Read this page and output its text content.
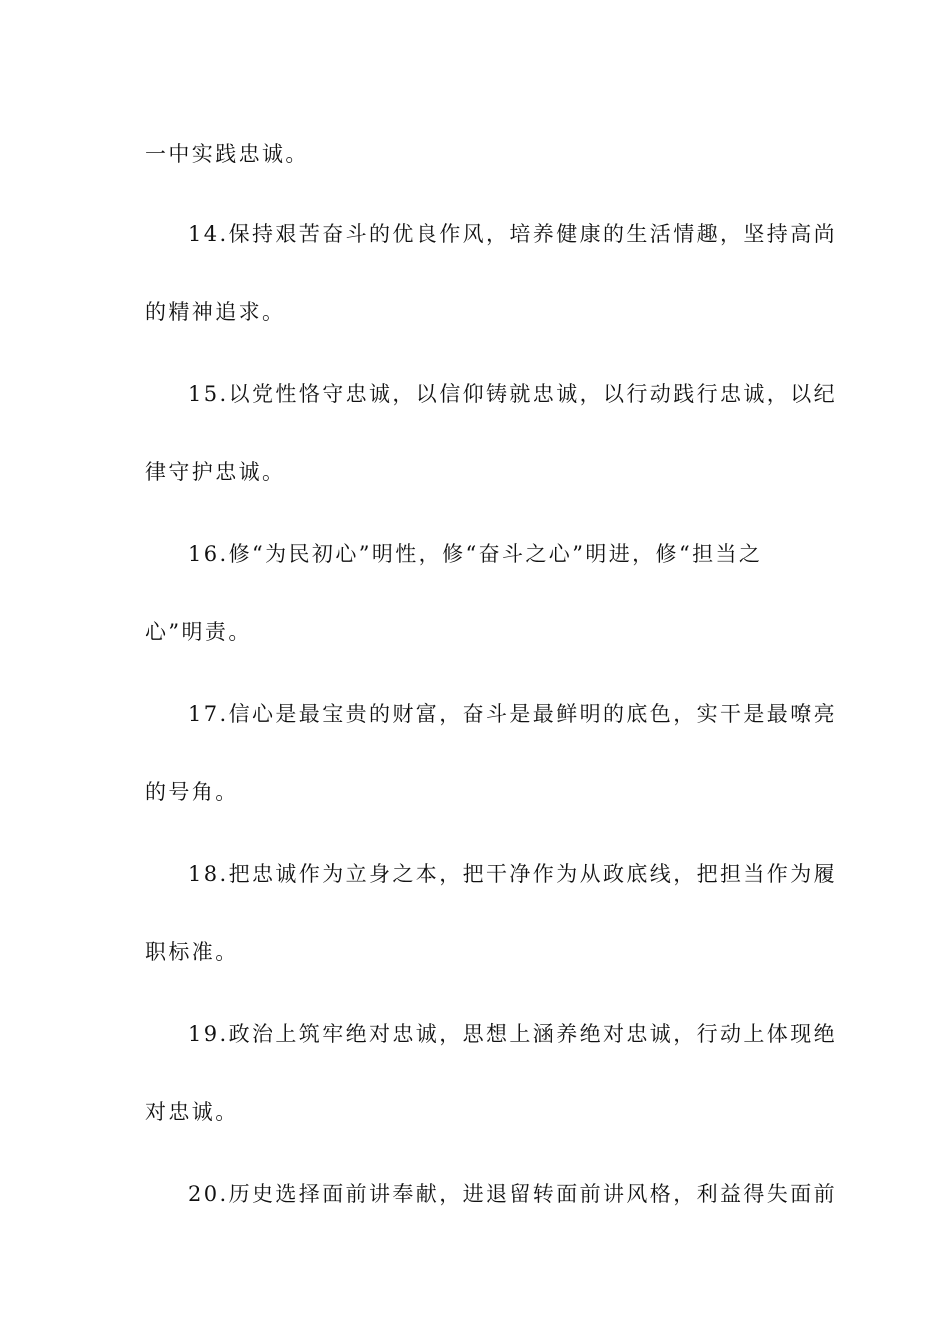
一中实践忠诚。
14.保持艰苦奋斗的优良作风，培养健康的生活情趣，坚持高尚
的精神追求。
15.以党性恪守忠诚，以信仰铸就忠诚，以行动践行忠诚，以纪
律守护忠诚。
16.修“为民初心”明性，修“奋斗之心”明进，修“担当之
心”明责。
17.信心是最宝贵的财富，奋斗是最鲜明的底色，实干是最嘹亮
的号角。
18.把忠诚作为立身之本，把干净作为从政底线，把担当作为履
职标准。
19.政治上筑牢绝对忠诚，思想上涵养绝对忠诚，行动上体现绝
对忠诚。
20.历史选择面前讲奉献，进退留转面前讲风格，利益得失面前
